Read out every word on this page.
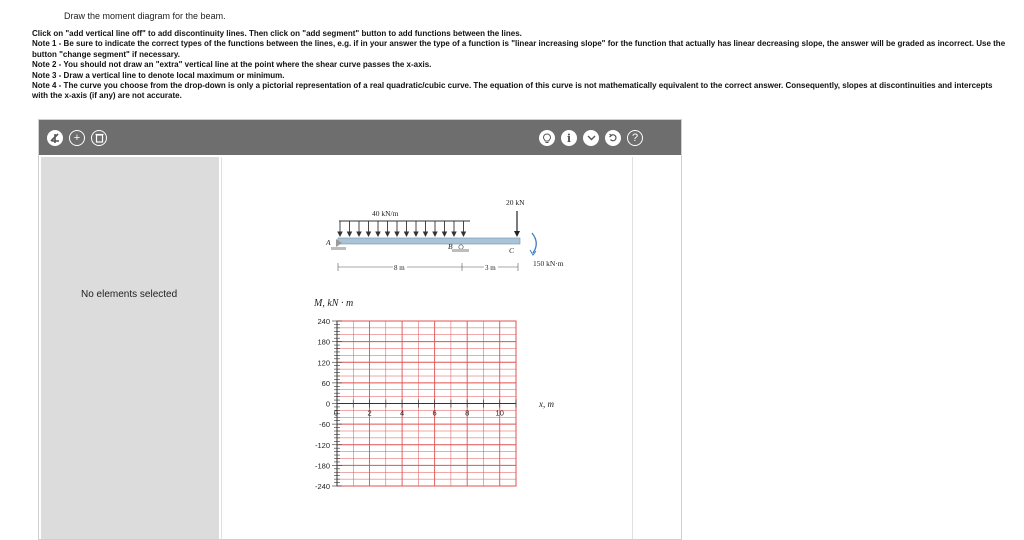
Draw the moment diagram for the beam.
Click on "add vertical line off" to add discontinuity lines. Then click on "add segment" button to add functions between the lines.
Note 1 - Be sure to indicate the correct types of the functions between the lines, e.g. if in your answer the type of a function is "linear increasing slope" for the function that actually has linear decreasing slope, the answer will be graded as incorrect. Use the button "change segment" if necessary.
Note 2 - You should not draw an "extra" vertical line at the point where the shear curve passes the x-axis.
Note 3 - Draw a vertical line to denote local maximum or minimum.
Note 4 - The curve you choose from the drop-down is only a pictorial representation of a real quadratic/cubic curve. The equation of this curve is not mathematically equivalent to the correct answer. Consequently, slopes at discontinuities and intercepts with the x-axis (if any) are not accurate.
+	i	?
No elements selected
40 kN/m
A	B	C
20 kN
150 kN·m
8 m	3 m
M, kN · m
x, m
240
180
120
60
0
-60
-120
-180
-240
0	2	4	6	8	10
